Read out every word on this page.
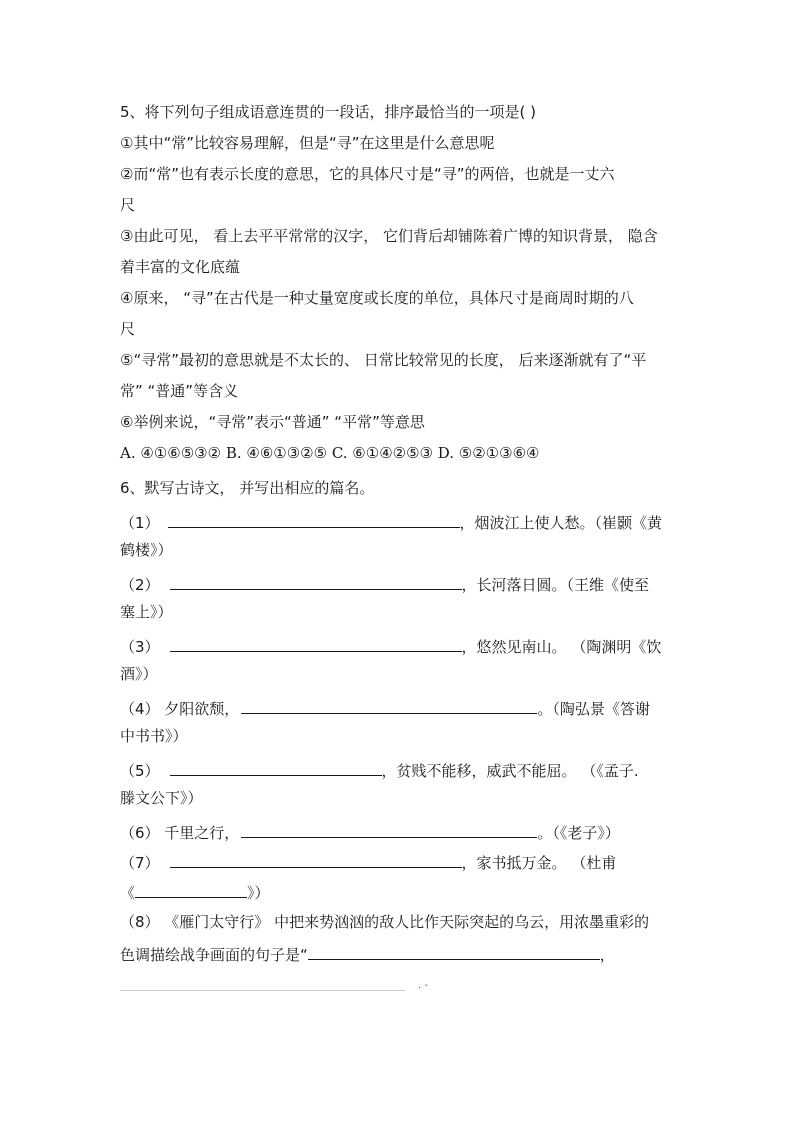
5、将下列句子组成语意连贯的一段话，排序最恰当的一项是( )
①其中“常”比较容易理解，但是“寻”在这里是什么意思呢
②而“常”也有表示长度的意思，它的具体尺寸是“寻”的两倍，也就是一丈六
尺
③由此可见， 看上去平平常常的汉字， 它们背后却铺陈着广博的知识背景， 隐含
着丰富的文化底蕴
④原来， “寻”在古代是一种丈量宽度或长度的单位，具体尺寸是商周时期的八
尺
⑤“寻常”最初的意思就是不太长的、 日常比较常见的长度， 后来逐渐就有了“平
常” “普通”等含义
⑥举例来说，“寻常”表示“普通” “平常”等意思
A. ④①⑥⑤③② B. ④⑥①③②⑤ C. ⑥①④②⑤③ D. ⑤②①③⑥④
6、默写古诗文， 并写出相应的篇名。
（1）	，烟波江上使人愁。（崔颢《黄
鹤楼》）
（2）	，长河落日圆。（王维《使至
塞上》）
（3）	，悠然见南山。 （陶渊明《饮
酒》）
（4） 夕阳欲颓，	。（陶弘景《答谢
中书书》）
（5）	，贫贱不能移，威武不能屈。 （《孟子.
滕文公下》）
（6） 千里之行，	。（《老子》）
（7）	，家书抵万金。 （杜甫
《	》）
（8） 《雁门太守行》 中把来势汹汹的敌人比作天际突起的乌云，用浓墨重彩的
色调描绘战争画面的句子是“	，
. -
